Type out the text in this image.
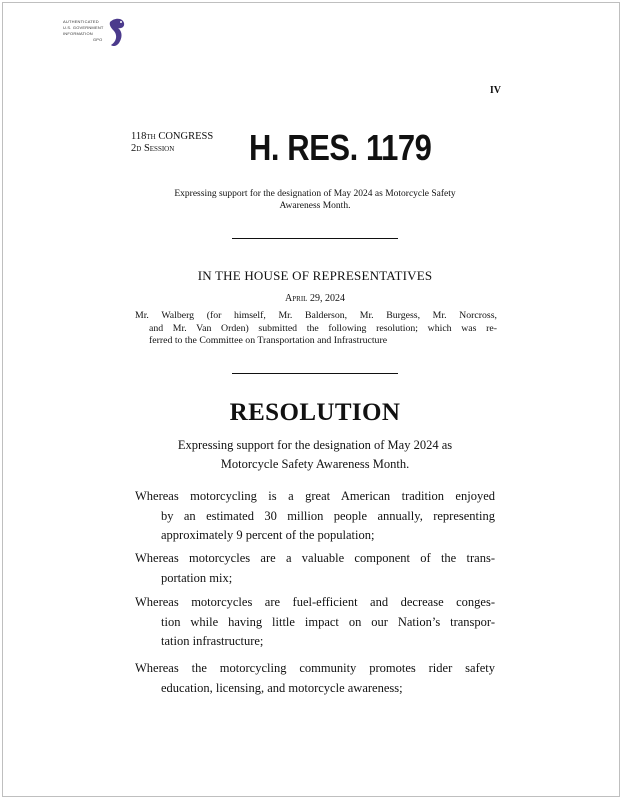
AUTHENTICATED
U.S. GOVERNMENT
INFORMATION
GPO
IV
118TH CONGRESS
2D Session	H. RES. 1179
Expressing support for the designation of May 2024 as Motorcycle Safety
Awareness Month.
IN THE HOUSE OF REPRESENTATIVES
April 29, 2024
Mr. Walberg (for himself, Mr. Balderson, Mr. Burgess, Mr. Norcross,
and Mr. Van Orden) submitted the following resolution; which was re-
ferred to the Committee on Transportation and Infrastructure
RESOLUTION
Expressing support for the designation of May 2024 as
Motorcycle Safety Awareness Month.
Whereas motorcycling is a great American tradition enjoyed
by an estimated 30 million people annually, representing
approximately 9 percent of the population;
Whereas motorcycles are a valuable component of the trans-
portation mix;
Whereas motorcycles are fuel-efficient and decrease conges-
tion while having little impact on our Nation’s transpor-
tation infrastructure;
Whereas the motorcycling community promotes rider safety
education, licensing, and motorcycle awareness;
